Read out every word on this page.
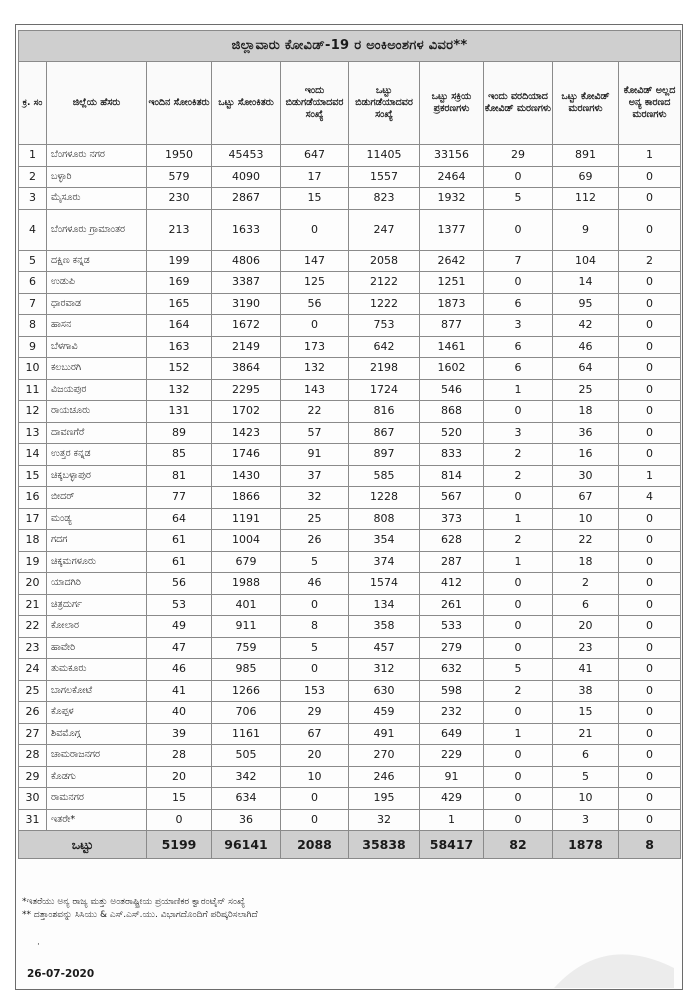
ಜಿಲ್ಲಾವಾರು ಕೋವಿಡ್-19 ರ ಅಂಕಿಅಂಶಗಳ ವಿವರ**									
ಕ್ರ. ಸಂ	ಜಿಲ್ಲೆಯ ಹೆಸರು	ಇಂದಿನ ಸೋಂಕಿತರು	ಒಟ್ಟು ಸೋಂಕಿತರು	ಇಂದು ಬಿಡುಗಡೆಯಾದವರ ಸಂಖ್ಯೆ	ಒಟ್ಟು ಬಿಡುಗಡೆಯಾದವರ ಸಂಖ್ಯೆ	ಒಟ್ಟು ಸಕ್ರಿಯ ಪ್ರಕರಣಗಳು	ಇಂದು ವರದಿಯಾದ ಕೋವಿಡ್ ಮರಣಗಳು	ಒಟ್ಟು ಕೋವಿಡ್ ಮರಣಗಳು	ಕೋವಿಡ್ ಅಲ್ಲದ ಅನ್ಯ ಕಾರಣದ ಮರಣಗಳು
1	ಬೆಂಗಳೂರು ನಗರ	1950	45453	647	11405	33156	29	891	1
2	ಬಳ್ಳಾರಿ	579	4090	17	1557	2464	0	69	0
3	ಮೈಸೂರು	230	2867	15	823	1932	5	112	0
4	ಬೆಂಗಳೂರು ಗ್ರಾಮಾಂತರ	213	1633	0	247	1377	0	9	0
5	ದಕ್ಷಿಣ ಕನ್ನಡ	199	4806	147	2058	2642	7	104	2
6	ಉಡುಪಿ	169	3387	125	2122	1251	0	14	0
7	ಧಾರವಾಡ	165	3190	56	1222	1873	6	95	0
8	ಹಾಸನ	164	1672	0	753	877	3	42	0
9	ಬೆಳಗಾವಿ	163	2149	173	642	1461	6	46	0
10	ಕಲಬುರಗಿ	152	3864	132	2198	1602	6	64	0
11	ವಿಜಯಪುರ	132	2295	143	1724	546	1	25	0
12	ರಾಯಚೂರು	131	1702	22	816	868	0	18	0
13	ದಾವಣಗೆರೆ	89	1423	57	867	520	3	36	0
14	ಉತ್ತರ ಕನ್ನಡ	85	1746	91	897	833	2	16	0
15	ಚಿಕ್ಕಬಳ್ಳಾಪುರ	81	1430	37	585	814	2	30	1
16	ಬೀದರ್	77	1866	32	1228	567	0	67	4
17	ಮಂಡ್ಯ	64	1191	25	808	373	1	10	0
18	ಗದಗ	61	1004	26	354	628	2	22	0
19	ಚಿಕ್ಕಮಗಳೂರು	61	679	5	374	287	1	18	0
20	ಯಾದಗಿರಿ	56	1988	46	1574	412	0	2	0
21	ಚಿತ್ರದುರ್ಗ	53	401	0	134	261	0	6	0
22	ಕೋಲಾರ	49	911	8	358	533	0	20	0
23	ಹಾವೇರಿ	47	759	5	457	279	0	23	0
24	ತುಮಕೂರು	46	985	0	312	632	5	41	0
25	ಬಾಗಲಕೋಟೆ	41	1266	153	630	598	2	38	0
26	ಕೊಪ್ಪಳ	40	706	29	459	232	0	15	0
27	ಶಿವಮೊಗ್ಗ	39	1161	67	491	649	1	21	0
28	ಚಾಮರಾಜನಗರ	28	505	20	270	229	0	6	0
29	ಕೊಡಗು	20	342	10	246	91	0	5	0
30	ರಾಮನಗರ	15	634	0	195	429	0	10	0
31	ಇತರೇ*	0	36	0	32	1	0	3	0
ಒಟ್ಟು		5199	96141	2088	35838	58417	82	1878	8
*ಇತರೆಯು ಅನ್ಯ ರಾಜ್ಯ ಮತ್ತು ಅಂತರಾಷ್ಟ್ರೀಯ ಪ್ರಯಾಣಿಕರ ಕ್ವಾರಂಟೈನ್ ಸಂಖ್ಯೆ
** ದತ್ತಾಂಶವನ್ನು ಸಿಸಿಯು & ಎಸ್.ಎಸ್.ಯು. ವಿಭಾಗದೊಂದಿಗೆ ಪರಿಷ್ಕರಿಸಲಾಗಿದೆ
·
26-07-2020
